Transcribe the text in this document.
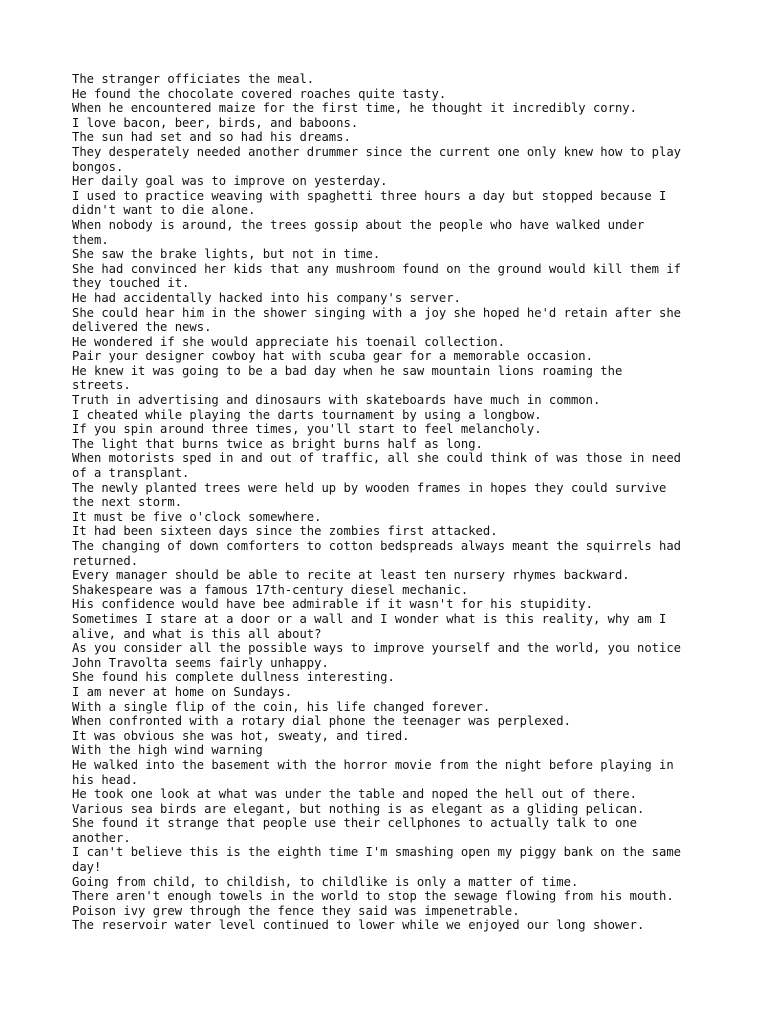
The stranger officiates the meal.

He found the chocolate covered roaches quite tasty.

When he encountered maize for the first time, he thought it incredibly corny.

I love bacon, beer, birds, and baboons.

The sun had set and so had his dreams.

They desperately needed another drummer since the current one only knew how to play

bongos.

Her daily goal was to improve on yesterday.

I used to practice weaving with spaghetti three hours a day but stopped because I

didn't want to die alone.

When nobody is around, the trees gossip about the people who have walked under

them.

She saw the brake lights, but not in time.

She had convinced her kids that any mushroom found on the ground would kill them if

they touched it.

He had accidentally hacked into his company's server.

She could hear him in the shower singing with a joy she hoped he'd retain after she

delivered the news.

He wondered if she would appreciate his toenail collection.

Pair your designer cowboy hat with scuba gear for a memorable occasion.

He knew it was going to be a bad day when he saw mountain lions roaming the

streets.

Truth in advertising and dinosaurs with skateboards have much in common.

I cheated while playing the darts tournament by using a longbow.

If you spin around three times, you'll start to feel melancholy.

The light that burns twice as bright burns half as long.

When motorists sped in and out of traffic, all she could think of was those in need

of a transplant.

The newly planted trees were held up by wooden frames in hopes they could survive

the next storm.

It must be five o'clock somewhere.

It had been sixteen days since the zombies first attacked.

The changing of down comforters to cotton bedspreads always meant the squirrels had

returned.

Every manager should be able to recite at least ten nursery rhymes backward.

Shakespeare was a famous 17th-century diesel mechanic.

His confidence would have bee admirable if it wasn't for his stupidity.

Sometimes I stare at a door or a wall and I wonder what is this reality, why am I

alive, and what is this all about?

As you consider all the possible ways to improve yourself and the world, you notice

John Travolta seems fairly unhappy.

She found his complete dullness interesting.

I am never at home on Sundays.

With a single flip of the coin, his life changed forever.

When confronted with a rotary dial phone the teenager was perplexed.

It was obvious she was hot, sweaty, and tired.

With the high wind warning

He walked into the basement with the horror movie from the night before playing in

his head.

He took one look at what was under the table and noped the hell out of there.

Various sea birds are elegant, but nothing is as elegant as a gliding pelican.

She found it strange that people use their cellphones to actually talk to one

another.

I can't believe this is the eighth time I'm smashing open my piggy bank on the same

day!

Going from child, to childish, to childlike is only a matter of time.

There aren't enough towels in the world to stop the sewage flowing from his mouth.

Poison ivy grew through the fence they said was impenetrable.

The reservoir water level continued to lower while we enjoyed our long shower.
